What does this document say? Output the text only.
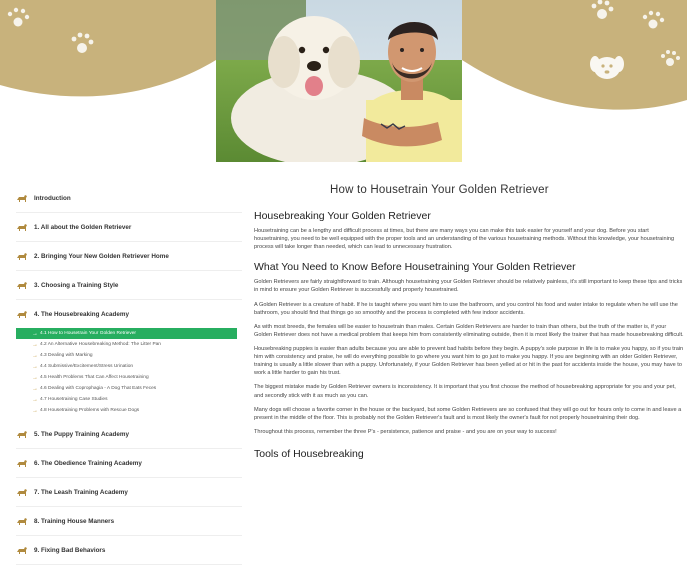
Introduction
1. All about the Golden Retriever
2. Bringing Your New Golden Retriever Home
3. Choosing a Training Style
4. The Housebreaking Academy
→ 4.1 How to Housetrain Your Golden Retriever
→ 4.2 An Alternative Housebreaking Method: The Litter Pan
→ 4.3 Dealing with Marking
→ 4.4 Submissive/Excitement/Stress Urination
→ 4.5 Health Problems That Can Affect Housetraining
→ 4.6 Dealing with Coprophagia - A Dog That Eats Feces
→ 4.7 Housetraining Case Studies
→ 4.8 Housetraining Problems with Rescue Dogs
5. The Puppy Training Academy
6. The Obedience Training Academy
7. The Leash Training Academy
8. Training House Manners
9. Fixing Bad Behaviors
How to Housetrain Your Golden Retriever
Housebreaking Your Golden Retriever

Housetraining can be a lengthy and difficult process at times, but there are many ways you can make this task easier for yourself and your dog. Before you start housetraining, you need to be well equipped with the proper tools and an understanding of the various housetraining methods. Without this knowledge, your housetraining process will take longer than needed, which can lead to unnecessary frustration.

What You Need to Know Before Housetraining Your Golden Retriever

Golden Retrievers are fairly straightforward to train. Although housetraining your Golden Retriever should be relatively painless, it's still important to keep these tips and tricks in mind to ensure your Golden Retriever is successfully and properly housetrained.

A Golden Retriever is a creature of habit. If he is taught where you want him to use the bathroom, and you control his food and water intake to regulate when he will use the bathroom, you should find that things go so smoothly and the process is completed with few indoor accidents.

As with most breeds, the females will be easier to housetrain than males. Certain Golden Retrievers are harder to train than others, but the truth of the matter is, if your Golden Retriever does not have a medical problem that keeps him from consistently eliminating outside, then it is most likely the trainer that has made housebreaking difficult.

Housebreaking puppies is easier than adults because you are able to prevent bad habits before they begin. A puppy's sole purpose in life is to make you happy, so if you train him with consistency and praise, he will do everything possible to go where you want him to go just to make you happy. If you are beginning with an older Golden Retriever, training is usually a little slower than with a puppy. Unfortunately, if your Golden Retriever has been yelled at or hit in the past for accidents inside the house, you may have to work a little harder to gain his trust.

The biggest mistake made by Golden Retriever owners is inconsistency. It is important that you first choose the method of housebreaking appropriate for you and your pet, and secondly stick with it as much as you can.

Many dogs will choose a favorite corner in the house or the backyard, but some Golden Retrievers are so confused that they will go out for hours only to come in and leave a present in the middle of the floor. This is probably not the Golden Retriever's fault and is most likely the owner's fault for not properly housetraining their dog.

Throughout this process, remember the three P's - persistence, patience and praise - and you are on your way to success!

Tools of Housebreaking
